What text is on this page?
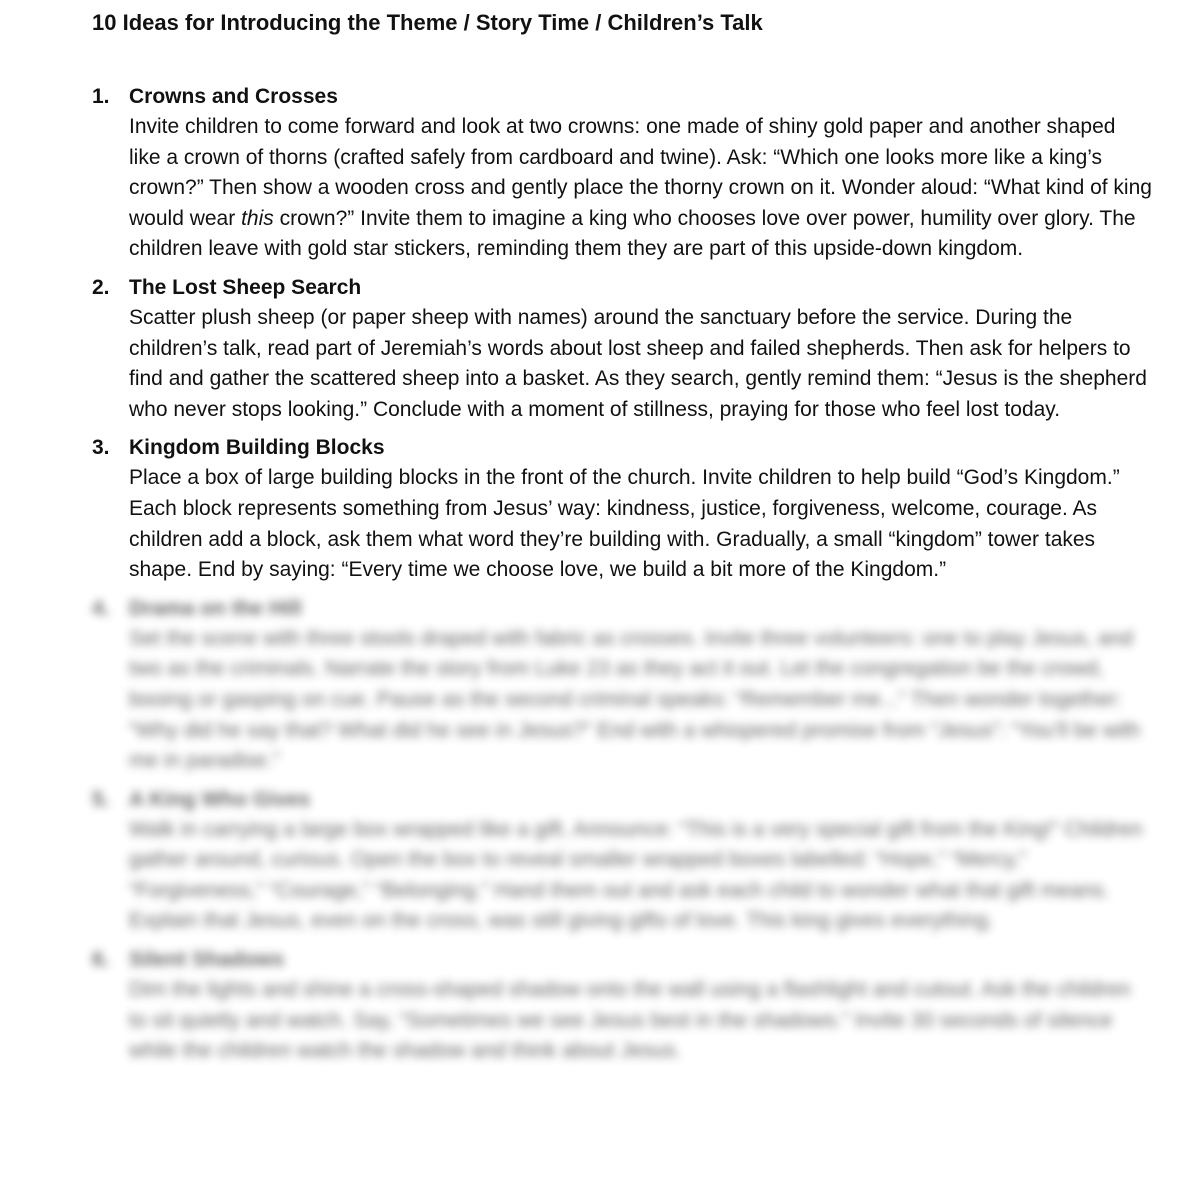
10 Ideas for Introducing the Theme / Story Time / Children’s Talk
1. Crowns and Crosses
Invite children to come forward and look at two crowns: one made of shiny gold paper and another shaped like a crown of thorns (crafted safely from cardboard and twine). Ask: “Which one looks more like a king’s crown?” Then show a wooden cross and gently place the thorny crown on it. Wonder aloud: “What kind of king would wear this crown?” Invite them to imagine a king who chooses love over power, humility over glory. The children leave with gold star stickers, reminding them they are part of this upside-down kingdom.
2. The Lost Sheep Search
Scatter plush sheep (or paper sheep with names) around the sanctuary before the service. During the children’s talk, read part of Jeremiah’s words about lost sheep and failed shepherds. Then ask for helpers to find and gather the scattered sheep into a basket. As they search, gently remind them: “Jesus is the shepherd who never stops looking.” Conclude with a moment of stillness, praying for those who feel lost today.
3. Kingdom Building Blocks
Place a box of large building blocks in the front of the church. Invite children to help build “God’s Kingdom.” Each block represents something from Jesus’ way: kindness, justice, forgiveness, welcome, courage. As children add a block, ask them what word they’re building with. Gradually, a small “kingdom” tower takes shape. End by saying: “Every time we choose love, we build a bit more of the Kingdom.”
4. Drama on the Hill
Set the scene with three stools draped with fabric as crosses. Invite three volunteers: one to play Jesus, and two as the criminals. Narrate the story from Luke 23 as they act it out. Let the congregation be the crowd, booing or gasping on cue. Pause as the second criminal speaks: “Remember me...” Then wonder together: “Why did he say that? What did he see in Jesus?” End with a whispered promise from “Jesus”: “You’ll be with me in paradise.”
5. A King Who Gives
Walk in carrying a large box wrapped like a gift. Announce: “This is a very special gift from the King!” Children gather around, curious. Open the box to reveal smaller wrapped boxes labelled: “Hope,” “Mercy,” “Forgiveness,” “Courage,” “Belonging.” Hand them out and ask each child to wonder what that gift means. Explain that Jesus, even on the cross, was still giving gifts of love. This king gives everything.
6. Silent Shadows
Dim the lights and shine a cross-shaped shadow onto the wall using a flashlight and cutout. Ask the children to sit quietly and watch. Say, “Sometimes we see Jesus best in the shadows.” Invite 30 seconds of silence while the children watch the shadow and think about Jesus.
